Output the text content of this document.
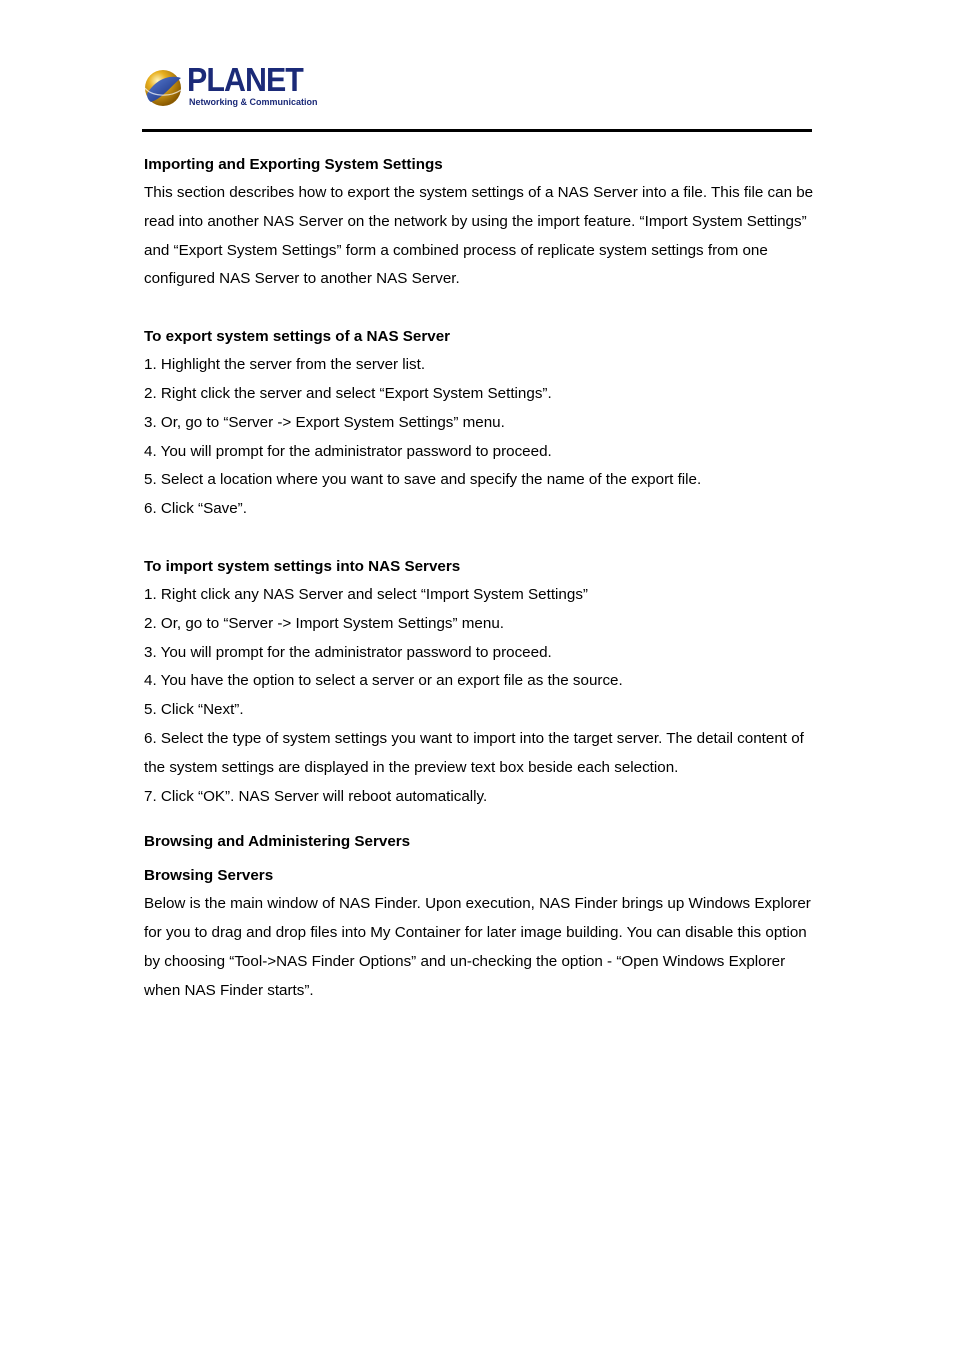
PLANET
Networking & Communication

Importing and Exporting System Settings

This section describes how to export the system settings of a NAS Server into a file. This file can be read into another NAS Server on the network by using the import feature. “Import System Settings” and “Export System Settings” form a combined process of replicate system settings from one configured NAS Server to another NAS Server.

To export system settings of a NAS Server

1. Highlight the server from the server list.

2. Right click the server and select “Export System Settings”.

3. Or, go to “Server -> Export System Settings” menu.

4. You will prompt for the administrator password to proceed.

5. Select a location where you want to save and specify the name of the export file.

6. Click “Save”.

To import system settings into NAS Servers

1. Right click any NAS Server and select “Import System Settings”

2. Or, go to “Server -> Import System Settings” menu.

3. You will prompt for the administrator password to proceed.

4. You have the option to select a server or an export file as the source.

5. Click “Next”.

6. Select the type of system settings you want to import into the target server. The detail content of the system settings are displayed in the preview text box beside each selection.

7. Click “OK”. NAS Server will reboot automatically.

Browsing and Administering Servers

Browsing Servers

Below is the main window of NAS Finder. Upon execution, NAS Finder brings up Windows Explorer for you to drag and drop files into My Container for later image building. You can disable this option by choosing “Tool->NAS Finder Options” and un-checking the option - “Open Windows Explorer when NAS Finder starts”.
